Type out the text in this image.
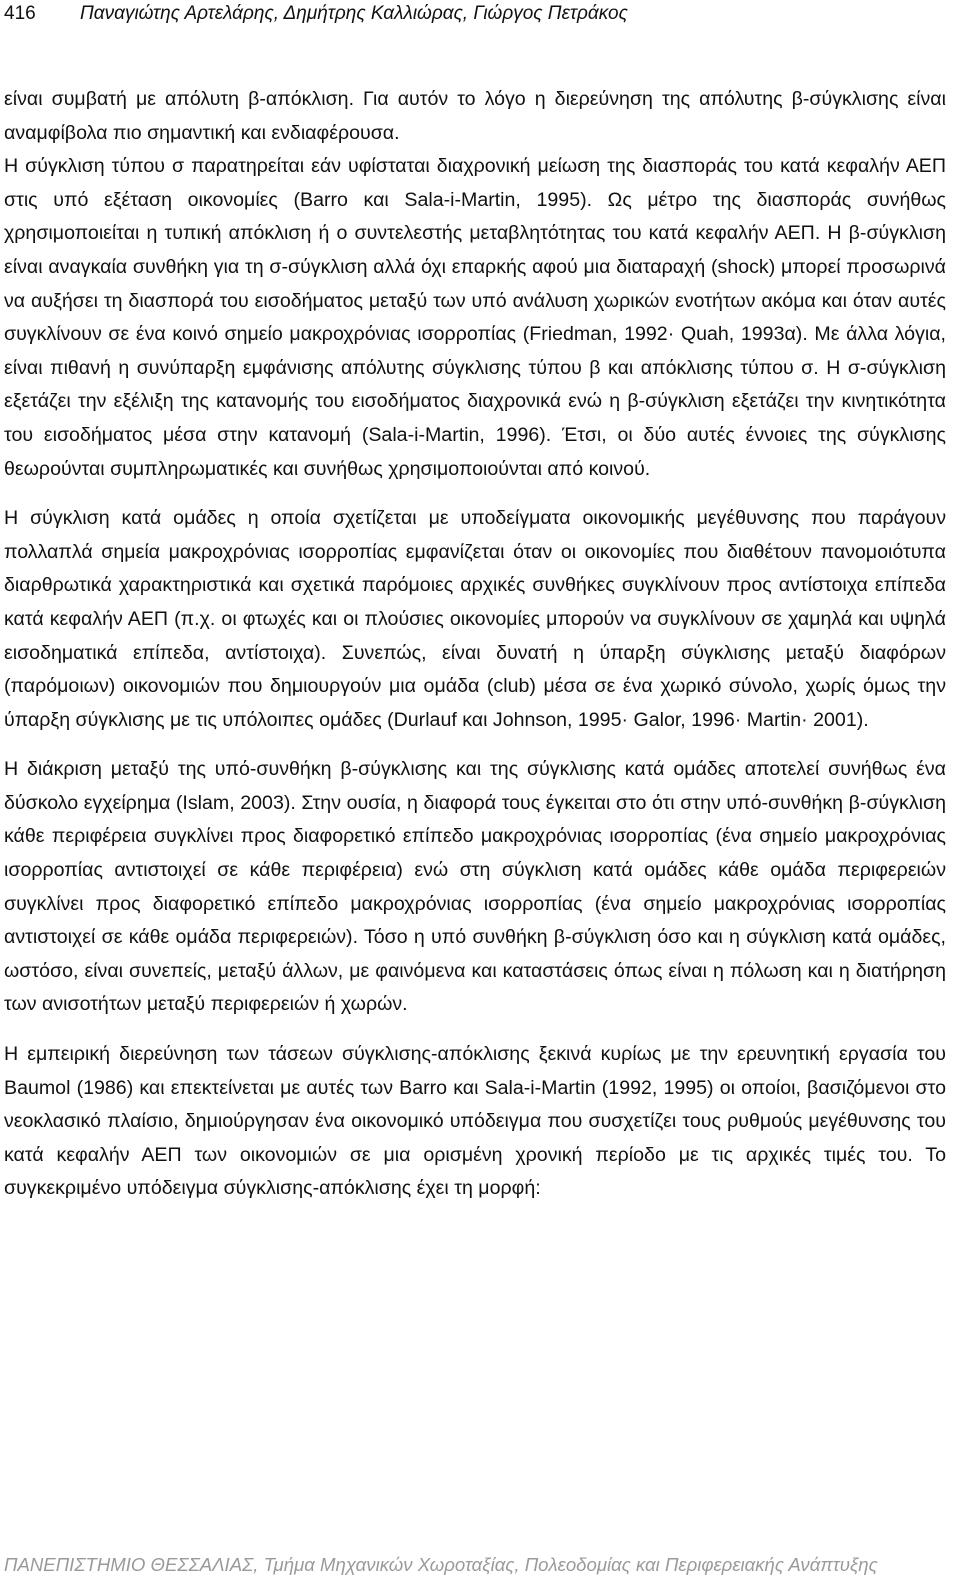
416 Παναγιώτης Αρτελάρης, Δημήτρης Καλλιώρας, Γιώργος Πετράκος

είναι συμβατή με απόλυτη β-απόκλιση. Για αυτόν το λόγο η διερεύνηση της απόλυτης β-σύγκλισης είναι αναμφίβολα πιο σημαντική και ενδιαφέρουσα.

Η σύγκλιση τύπου σ παρατηρείται εάν υφίσταται διαχρονική μείωση της διασποράς του κατά κεφαλήν ΑΕΠ στις υπό εξέταση οικονομίες (Barro και Sala-i-Martin, 1995). Ως μέτρο της διασποράς συνήθως χρησιμοποιείται η τυπική απόκλιση ή ο συντελεστής μεταβλητότητας του κατά κεφαλήν ΑΕΠ. Η β-σύγκλιση είναι αναγκαία συνθήκη για τη σ-σύγκλιση αλλά όχι επαρκής αφού μια διαταραχή (shock) μπορεί προσωρινά να αυξήσει τη διασπορά του εισοδήματος μεταξύ των υπό ανάλυση χωρικών ενοτήτων ακόμα και όταν αυτές συγκλίνουν σε ένα κοινό σημείο μακροχρόνιας ισορροπίας (Friedman, 1992· Quah, 1993α). Με άλλα λόγια, είναι πιθανή η συνύπαρξη εμφάνισης απόλυτης σύγκλισης τύπου β και απόκλισης τύπου σ. Η σ-σύγκλιση εξετάζει την εξέλιξη της κατανομής του εισοδήματος διαχρονικά ενώ η β-σύγκλιση εξετάζει την κινητικότητα του εισοδήματος μέσα στην κατανομή (Sala-i-Martin, 1996). Έτσι, οι δύο αυτές έννοιες της σύγκλισης θεωρούνται συμπληρωματικές και συνήθως χρησιμοποιούνται από κοινού.

Η σύγκλιση κατά ομάδες η οποία σχετίζεται με υποδείγματα οικονομικής μεγέθυνσης που παράγουν πολλαπλά σημεία μακροχρόνιας ισορροπίας εμφανίζεται όταν οι οικονομίες που διαθέτουν πανομοιότυπα διαρθρωτικά χαρακτηριστικά και σχετικά παρόμοιες αρχικές συνθήκες συγκλίνουν προς αντίστοιχα επίπεδα κατά κεφαλήν ΑΕΠ (π.χ. οι φτωχές και οι πλούσιες οικονομίες μπορούν να συγκλίνουν σε χαμηλά και υψηλά εισοδηματικά επίπεδα, αντίστοιχα). Συνεπώς, είναι δυνατή η ύπαρξη σύγκλισης μεταξύ διαφόρων (παρόμοιων) οικονομιών που δημιουργούν μια ομάδα (club) μέσα σε ένα χωρικό σύνολο, χωρίς όμως την ύπαρξη σύγκλισης με τις υπόλοιπες ομάδες (Durlauf και Johnson, 1995· Galor, 1996· Martin· 2001).

Η διάκριση μεταξύ της υπό-συνθήκη β-σύγκλισης και της σύγκλισης κατά ομάδες αποτελεί συνήθως ένα δύσκολο εγχείρημα (Islam, 2003). Στην ουσία, η διαφορά τους έγκειται στο ότι στην υπό-συνθήκη β-σύγκλιση κάθε περιφέρεια συγκλίνει προς διαφορετικό επίπεδο μακροχρόνιας ισορροπίας (ένα σημείο μακροχρόνιας ισορροπίας αντιστοιχεί σε κάθε περιφέρεια) ενώ στη σύγκλιση κατά ομάδες κάθε ομάδα περιφερειών συγκλίνει προς διαφορετικό επίπεδο μακροχρόνιας ισορροπίας (ένα σημείο μακροχρόνιας ισορροπίας αντιστοιχεί σε κάθε ομάδα περιφερειών). Τόσο η υπό συνθήκη β-σύγκλιση όσο και η σύγκλιση κατά ομάδες, ωστόσο, είναι συνεπείς, μεταξύ άλλων, με φαινόμενα και καταστάσεις όπως είναι η πόλωση και η διατήρηση των ανισοτήτων μεταξύ περιφερειών ή χωρών.

Η εμπειρική διερεύνηση των τάσεων σύγκλισης-απόκλισης ξεκινά κυρίως με την ερευνητική εργασία του Baumol (1986) και επεκτείνεται με αυτές των Barro και Sala-i-Martin (1992, 1995) οι οποίοι, βασιζόμενοι στο νεοκλασικό πλαίσιο, δημιούργησαν ένα οικονομικό υπόδειγμα που συσχετίζει τους ρυθμούς μεγέθυνσης του κατά κεφαλήν ΑΕΠ των οικονομιών σε μια ορισμένη χρονική περίοδο με τις αρχικές τιμές του. Το συγκεκριμένο υπόδειγμα σύγκλισης-απόκλισης έχει τη μορφή:

ΠΑΝΕΠΙΣΤΗΜΙΟ ΘΕΣΣΑΛΙΑΣ, Τμήμα Μηχανικών Χωροταξίας, Πολεοδομίας και Περιφερειακής Ανάπτυξης
